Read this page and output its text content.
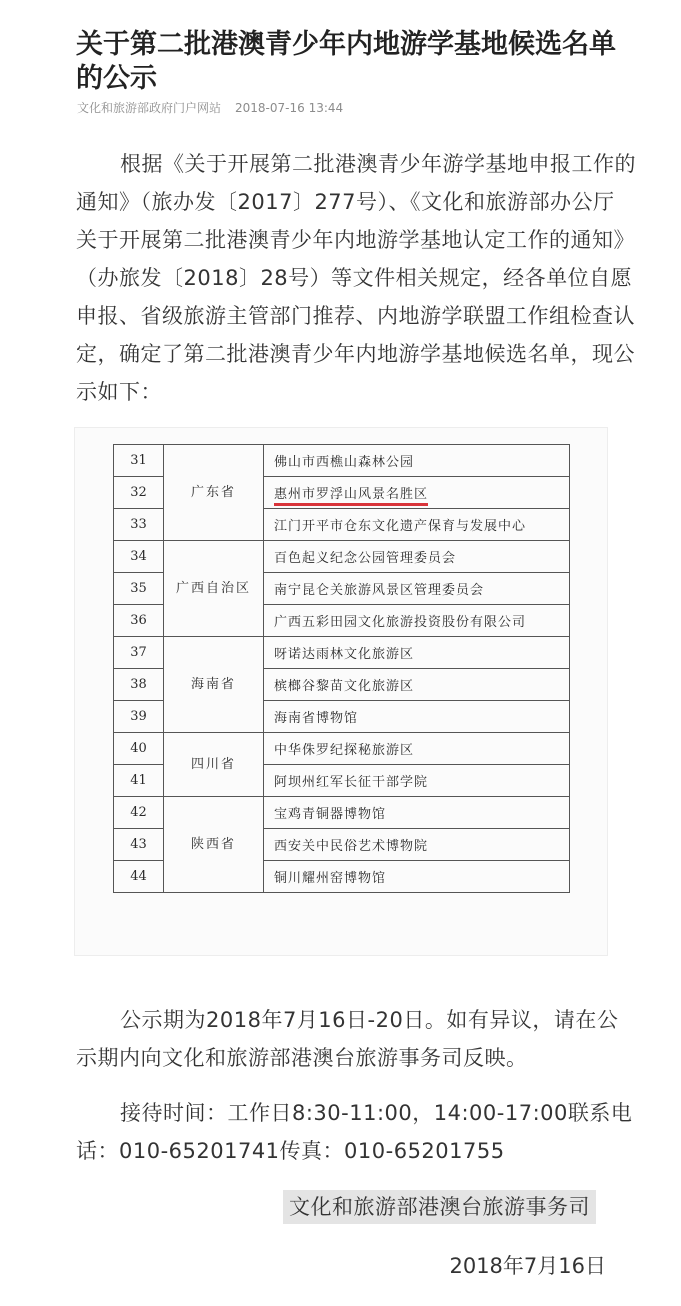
关于第二批港澳青少年内地游学基地候选名单的公示
文化和旅游部政府门户网站 2018-07-16 13:44

根据《关于开展第二批港澳青少年游学基地申报工作的通知》（旅办发〔2017〕277号）、《文化和旅游部办公厅关于开展第二批港澳青少年内地游学基地认定工作的通知》（办旅发〔2018〕28号）等文件相关规定，经各单位自愿申报、省级旅游主管部门推荐、内地游学联盟工作组检查认定，确定了第二批港澳青少年内地游学基地候选名单，现公示如下：

31	广东省	佛山市西樵山森林公园
32		惠州市罗浮山风景名胜区
33		江门开平市仓东文化遗产保育与发展中心
34	广西自治区	百色起义纪念公园管理委员会
35		南宁昆仑关旅游风景区管理委员会
36		广西五彩田园文化旅游投资股份有限公司
37	海南省	呀诺达雨林文化旅游区
38		槟榔谷黎苗文化旅游区
39		海南省博物馆
40	四川省	中华侏罗纪探秘旅游区
41		阿坝州红军长征干部学院
42	陕西省	宝鸡青铜器博物馆
43		西安关中民俗艺术博物院
44		铜川耀州窑博物馆

公示期为2018年7月16日-20日。如有异议，请在公示期内向文化和旅游部港澳台旅游事务司反映。

接待时间：工作日8:30-11:00，14:00-17:00联系电话：010-65201741传真：010-65201755

文化和旅游部港澳台旅游事务司
2018年7月16日
